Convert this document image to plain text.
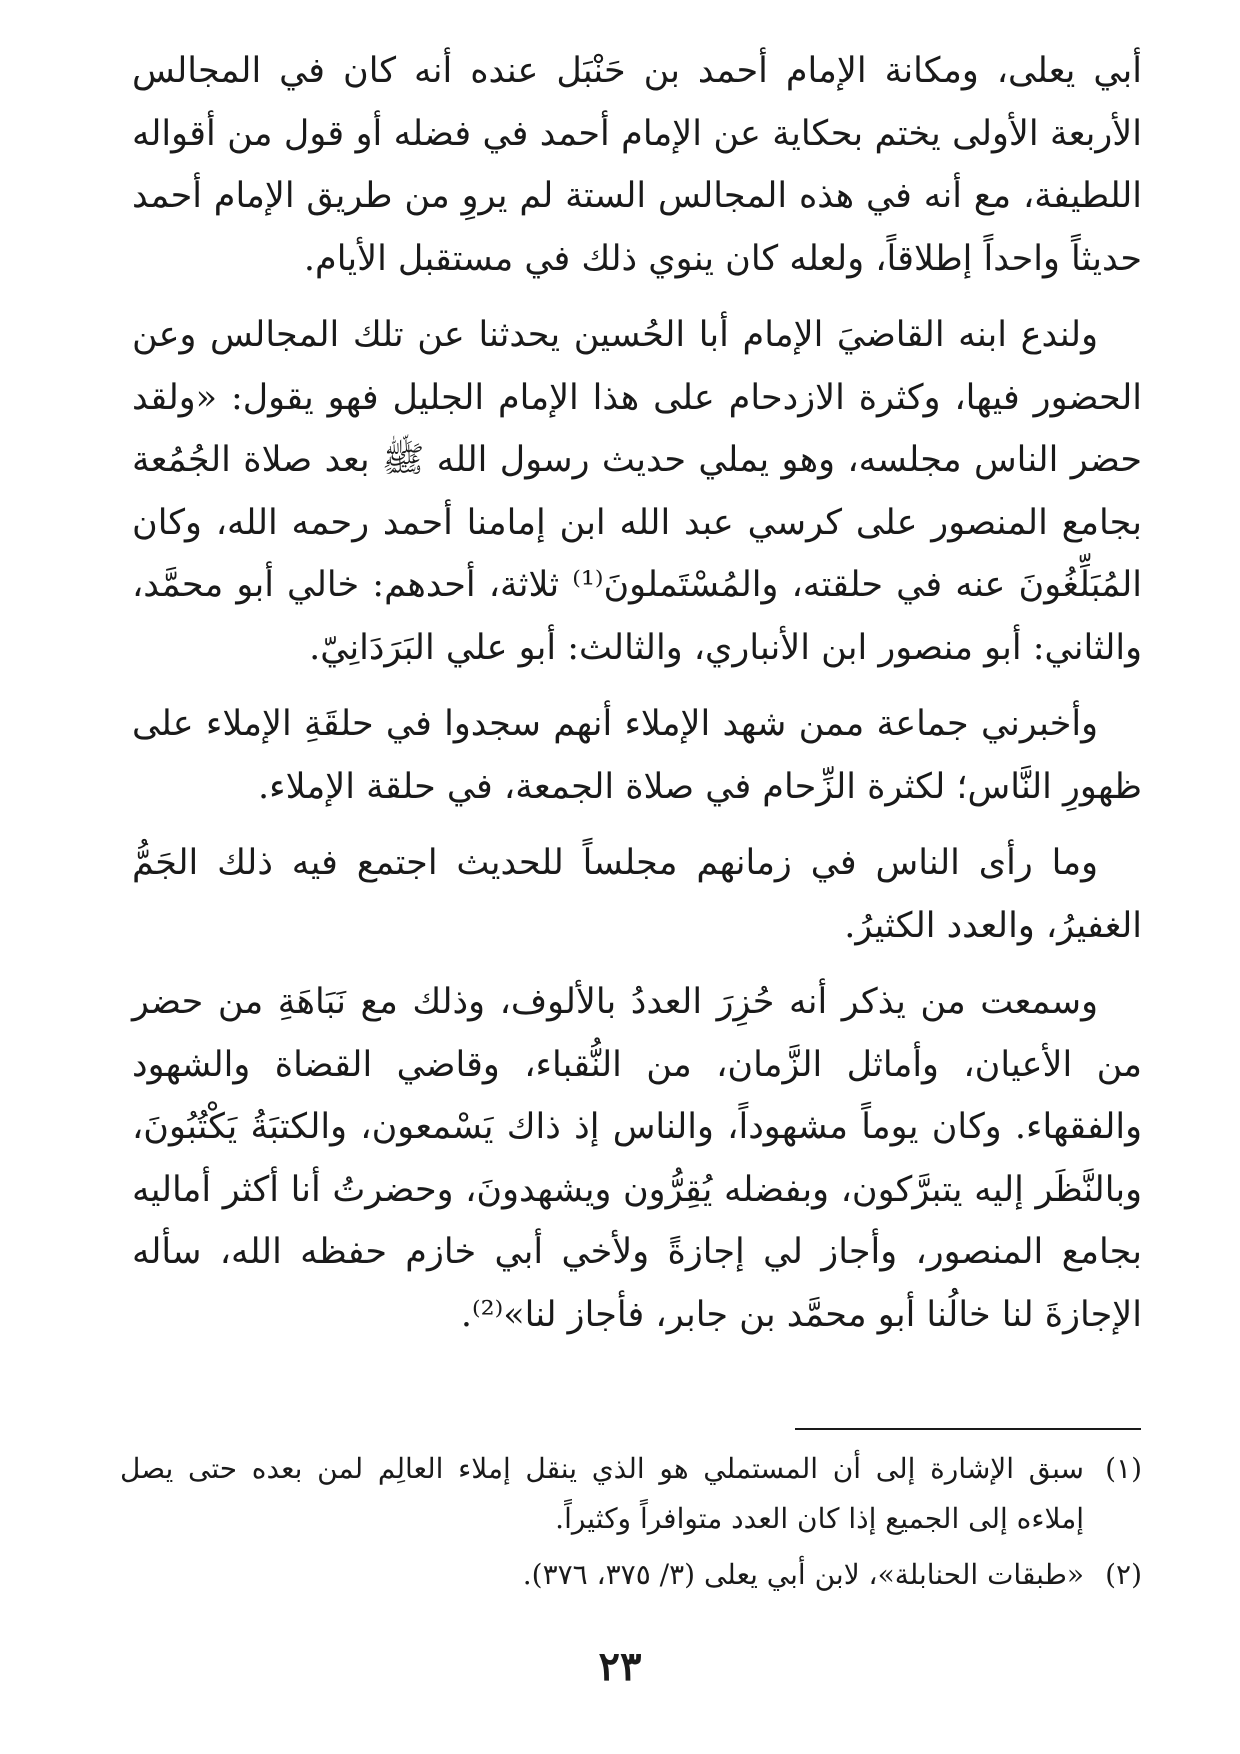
أبي يعلى، ومكانة الإمام أحمد بن حَنْبَل عنده أنه كان في المجالس الأربعة الأولى يختم بحكاية عن الإمام أحمد في فضله أو قول من أقواله اللطيفة، مع أنه في هذه المجالس الستة لم يروِ من طريق الإمام أحمد حديثاً واحداً إطلاقاً، ولعله كان ينوي ذلك في مستقبل الأيام.

ولندع ابنه القاضيَ الإمام أبا الحُسين يحدثنا عن تلك المجالس وعن الحضور فيها، وكثرة الازدحام على هذا الإمام الجليل فهو يقول: «ولقد حضر الناس مجلسه، وهو يملي حديث رسول الله ﷺ بعد صلاة الجُمُعة بجامع المنصور على كرسي عبد الله ابن إمامنا أحمد رحمه الله، وكان المُبَلِّغُونَ عنه في حلقته، والمُسْتَملونَ⁽¹⁾ ثلاثة، أحدهم: خالي أبو محمَّد، والثاني: أبو منصور ابن الأنباري، والثالث: أبو علي البَرَدَانِيّ.

وأخبرني جماعة ممن شهد الإملاء أنهم سجدوا في حلقَةِ الإملاء على ظهورِ النَّاس؛ لكثرة الزِّحام في صلاة الجمعة، في حلقة الإملاء.

وما رأى الناس في زمانهم مجلساً للحديث اجتمع فيه ذلك الجَمُّ الغفيرُ، والعدد الكثيرُ.

وسمعت من يذكر أنه حُزِرَ العددُ بالألوف، وذلك مع نَبَاهَةِ من حضر من الأعيان، وأماثل الزَّمان، من النُّقباء، وقاضي القضاة والشهود والفقهاء. وكان يوماً مشهوداً، والناس إذ ذاك يَسْمعون، والكتبَةُ يَكْتُبُونَ، وبالنَّظَر إليه يتبرَّكون، وبفضله يُقِرُّون ويشهدونَ، وحضرتُ أنا أكثر أماليه بجامع المنصور، وأجاز لي إجازةً ولأخي أبي خازم حفظه الله، سأله الإجازةَ لنا خالُنا أبو محمَّد بن جابر، فأجاز لنا»⁽²⁾.

(١)
سبق الإشارة إلى أن المستملي هو الذي ينقل إملاء العالِم لمن بعده حتى يصل إملاءه إلى الجميع إذا كان العدد متوافراً وكثيراً.
(٢)
«طبقات الحنابلة»، لابن أبي يعلى (٣/ ٣٧٥، ٣٧٦).
٢٣
